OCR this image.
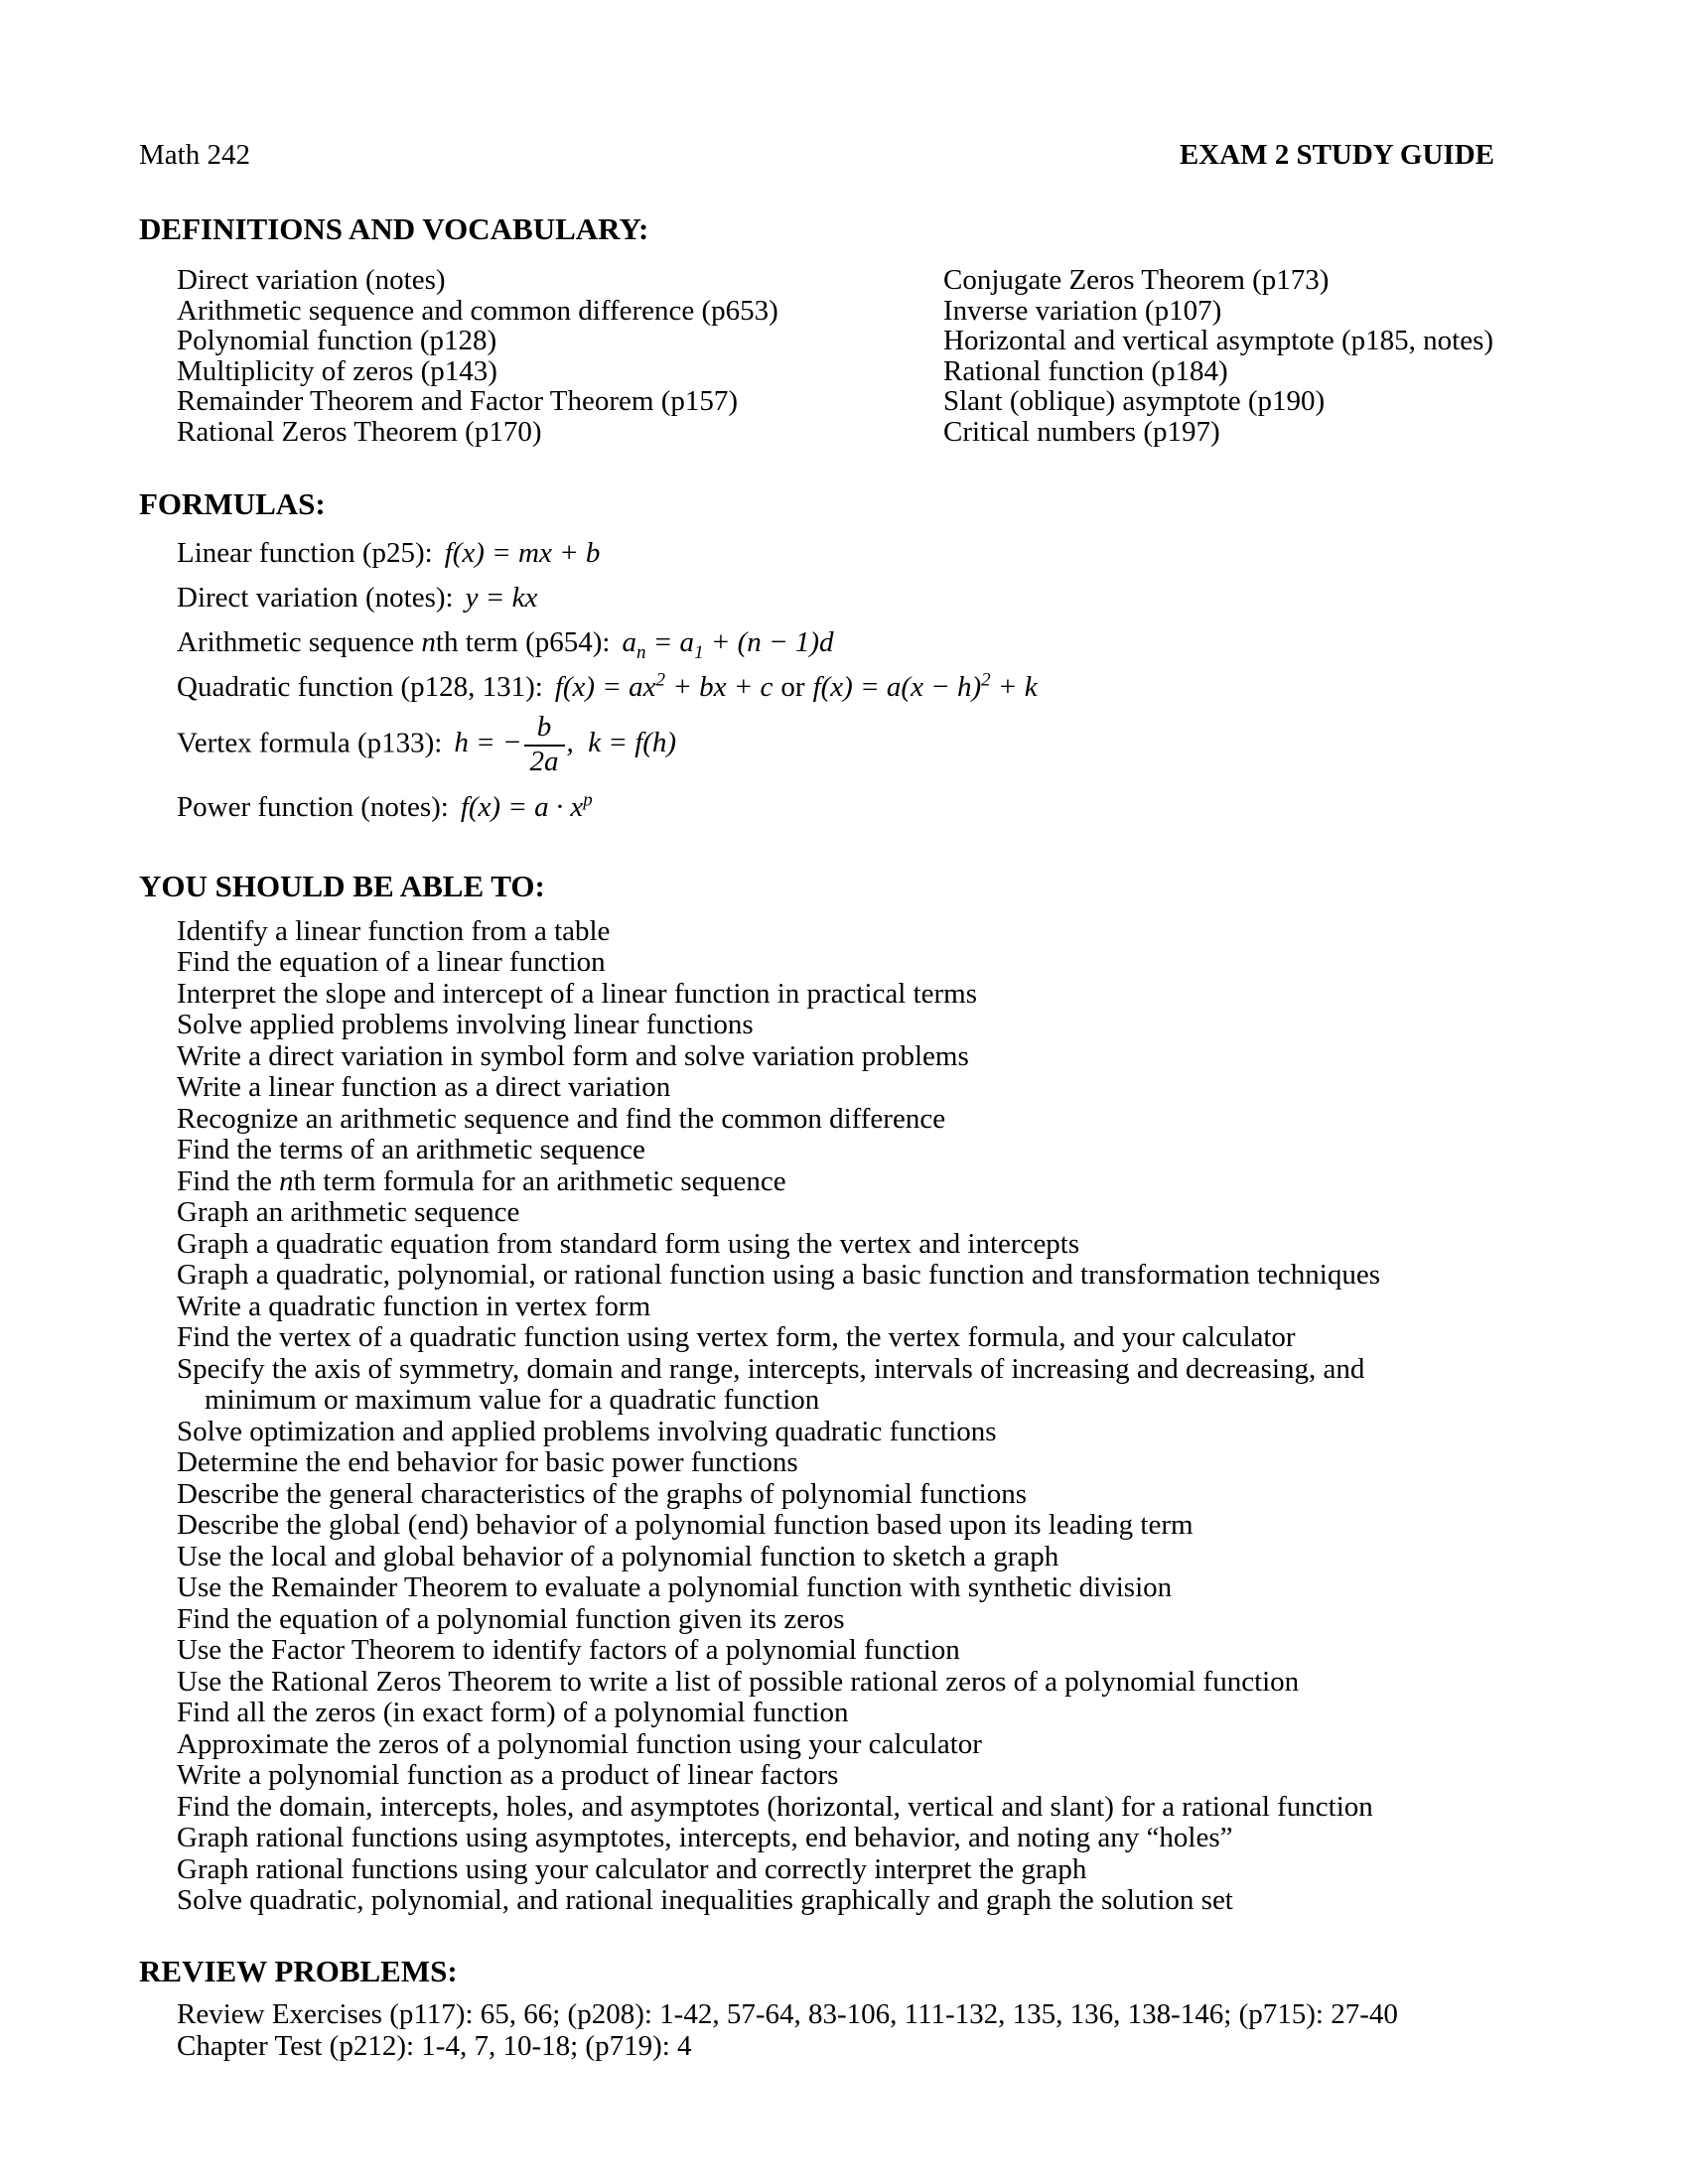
Math 242	EXAM 2 STUDY GUIDE
DEFINITIONS AND VOCABULARY:
Direct variation (notes)
Arithmetic sequence and common difference (p653)
Polynomial function (p128)
Multiplicity of zeros (p143)
Remainder Theorem and Factor Theorem (p157)
Rational Zeros Theorem (p170)
Conjugate Zeros Theorem (p173)
Inverse variation (p107)
Horizontal and vertical asymptote (p185, notes)
Rational function (p184)
Slant (oblique) asymptote (p190)
Critical numbers (p197)
FORMULAS:
Linear function (p25): f(x) = mx + b
Direct variation (notes): y = kx
Arithmetic sequence nth term (p654): $a_n = a_1 + (n - 1)d$
Quadratic function (p128, 131): $f(x) = ax^2$ + bx + c or $f(x) = a(x - h)^2 + k$
Vertex formula (p133): h = − $\frac{b}{2a}$ , k = f(h)
Power function (notes): $f(x) = a \cdot x^p$
YOU SHOULD BE ABLE TO:
Identify a linear function from a table
Find the equation of a linear function
Interpret the slope and intercept of a linear function in practical terms
Solve applied problems involving linear functions
Write a direct variation in symbol form and solve variation problems
Write a linear function as a direct variation
Recognize an arithmetic sequence and find the common difference
Find the terms of an arithmetic sequence
Find the nth term formula for an arithmetic sequence
Graph an arithmetic sequence
Graph a quadratic equation from standard form using the vertex and intercepts
Graph a quadratic, polynomial, or rational function using a basic function and transformation techniques
Write a quadratic function in vertex form
Find the vertex of a quadratic function using vertex form, the vertex formula, and your calculator
Specify the axis of symmetry, domain and range, intercepts, intervals of increasing and decreasing, and
minimum or maximum value for a quadratic function
Solve optimization and applied problems involving quadratic functions
Determine the end behavior for basic power functions
Describe the general characteristics of the graphs of polynomial functions
Describe the global (end) behavior of a polynomial function based upon its leading term
Use the local and global behavior of a polynomial function to sketch a graph
Use the Remainder Theorem to evaluate a polynomial function with synthetic division
Find the equation of a polynomial function given its zeros
Use the Factor Theorem to identify factors of a polynomial function
Use the Rational Zeros Theorem to write a list of possible rational zeros of a polynomial function
Find all the zeros (in exact form) of a polynomial function
Approximate the zeros of a polynomial function using your calculator
Write a polynomial function as a product of linear factors
Find the domain, intercepts, holes, and asymptotes (horizontal, vertical and slant) for a rational function
Graph rational functions using asymptotes, intercepts, end behavior, and noting any “holes”
Graph rational functions using your calculator and correctly interpret the graph
Solve quadratic, polynomial, and rational inequalities graphically and graph the solution set
REVIEW PROBLEMS:
Review Exercises (p117): 65, 66; (p208): 1-42, 57-64, 83-106, 111-132, 135, 136, 138-146; (p715): 27-40
Chapter Test (p212): 1-4, 7, 10-18; (p719): 4
